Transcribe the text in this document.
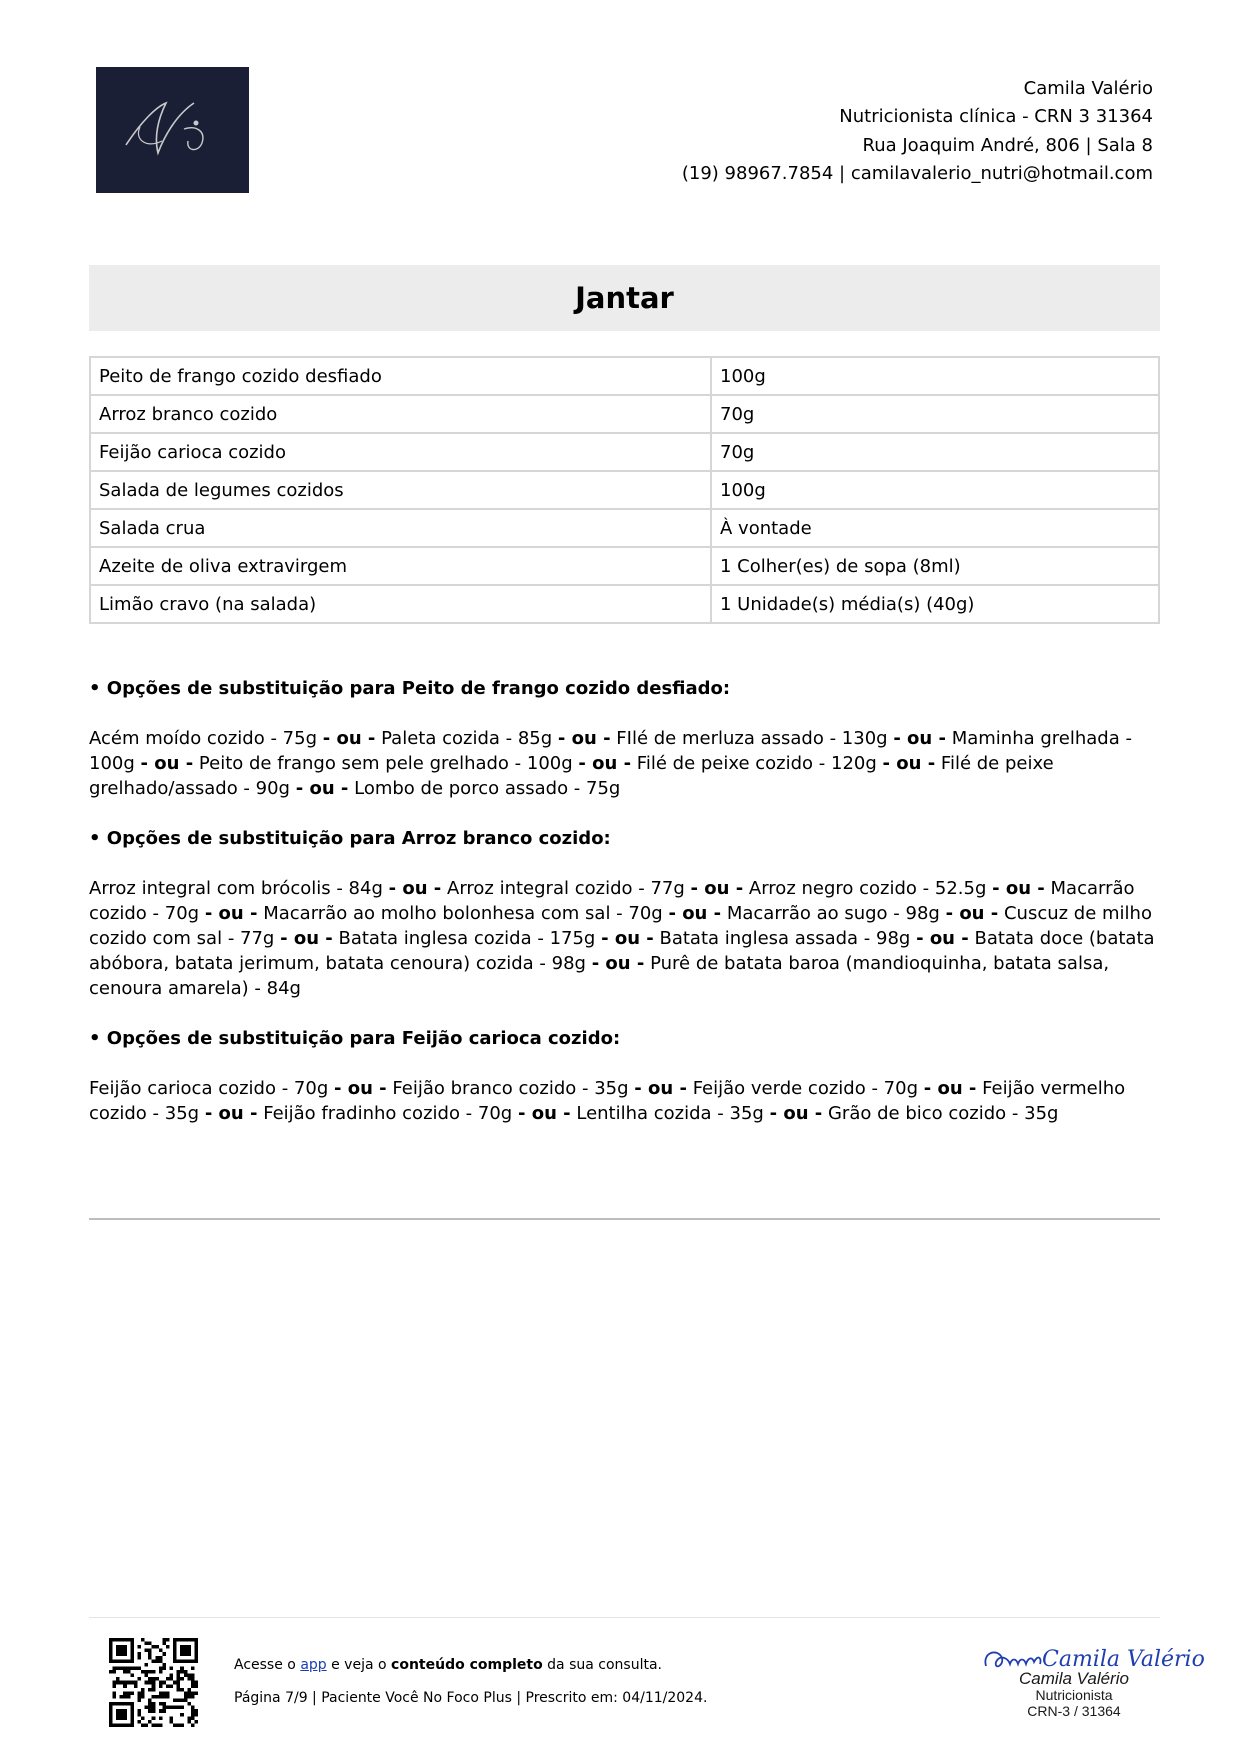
Camila Valério
Nutricionista clínica - CRN 3 31364
Rua Joaquim André, 806 | Sala 8
(19) 98967.7854 | camilavalerio_nutri@hotmail.com
Jantar
Peito de frango cozido desfiado	100g
Arroz branco cozido	70g
Feijão carioca cozido	70g
Salada de legumes cozidos	100g
Salada crua	À vontade
Azeite de oliva extravirgem	1 Colher(es) de sopa (8ml)
Limão cravo (na salada)	1 Unidade(s) média(s) (40g)
• Opções de substituição para Peito de frango cozido desfiado:

Acém moído cozido - 75g - ou - Paleta cozida - 85g - ou - FIlé de merluza assado - 130g - ou - Maminha grelhada - 100g - ou - Peito de frango sem pele grelhado - 100g - ou - Filé de peixe cozido - 120g - ou - Filé de peixe grelhado/assado - 90g - ou - Lombo de porco assado - 75g

• Opções de substituição para Arroz branco cozido:

Arroz integral com brócolis - 84g - ou - Arroz integral cozido - 77g - ou - Arroz negro cozido - 52.5g - ou - Macarrão cozido - 70g - ou - Macarrão ao molho bolonhesa com sal - 70g - ou - Macarrão ao sugo - 98g - ou - Cuscuz de milho cozido com sal - 77g - ou - Batata inglesa cozida - 175g - ou - Batata inglesa assada - 98g - ou - Batata doce (batata abóbora, batata jerimum, batata cenoura) cozida - 98g - ou - Purê de batata baroa (mandioquinha, batata salsa, cenoura amarela) - 84g

• Opções de substituição para Feijão carioca cozido:

Feijão carioca cozido - 70g - ou - Feijão branco cozido - 35g - ou - Feijão verde cozido - 70g - ou - Feijão vermelho cozido - 35g - ou - Feijão fradinho cozido - 70g - ou - Lentilha cozida - 35g - ou - Grão de bico cozido - 35g

Acesse o app e veja o conteúdo completo da sua consulta.
Página 7/9 | Paciente Você No Foco Plus | Prescrito em: 04/11/2024.
Camila Valério
Camila Valério
Nutricionista
CRN-3 / 31364
